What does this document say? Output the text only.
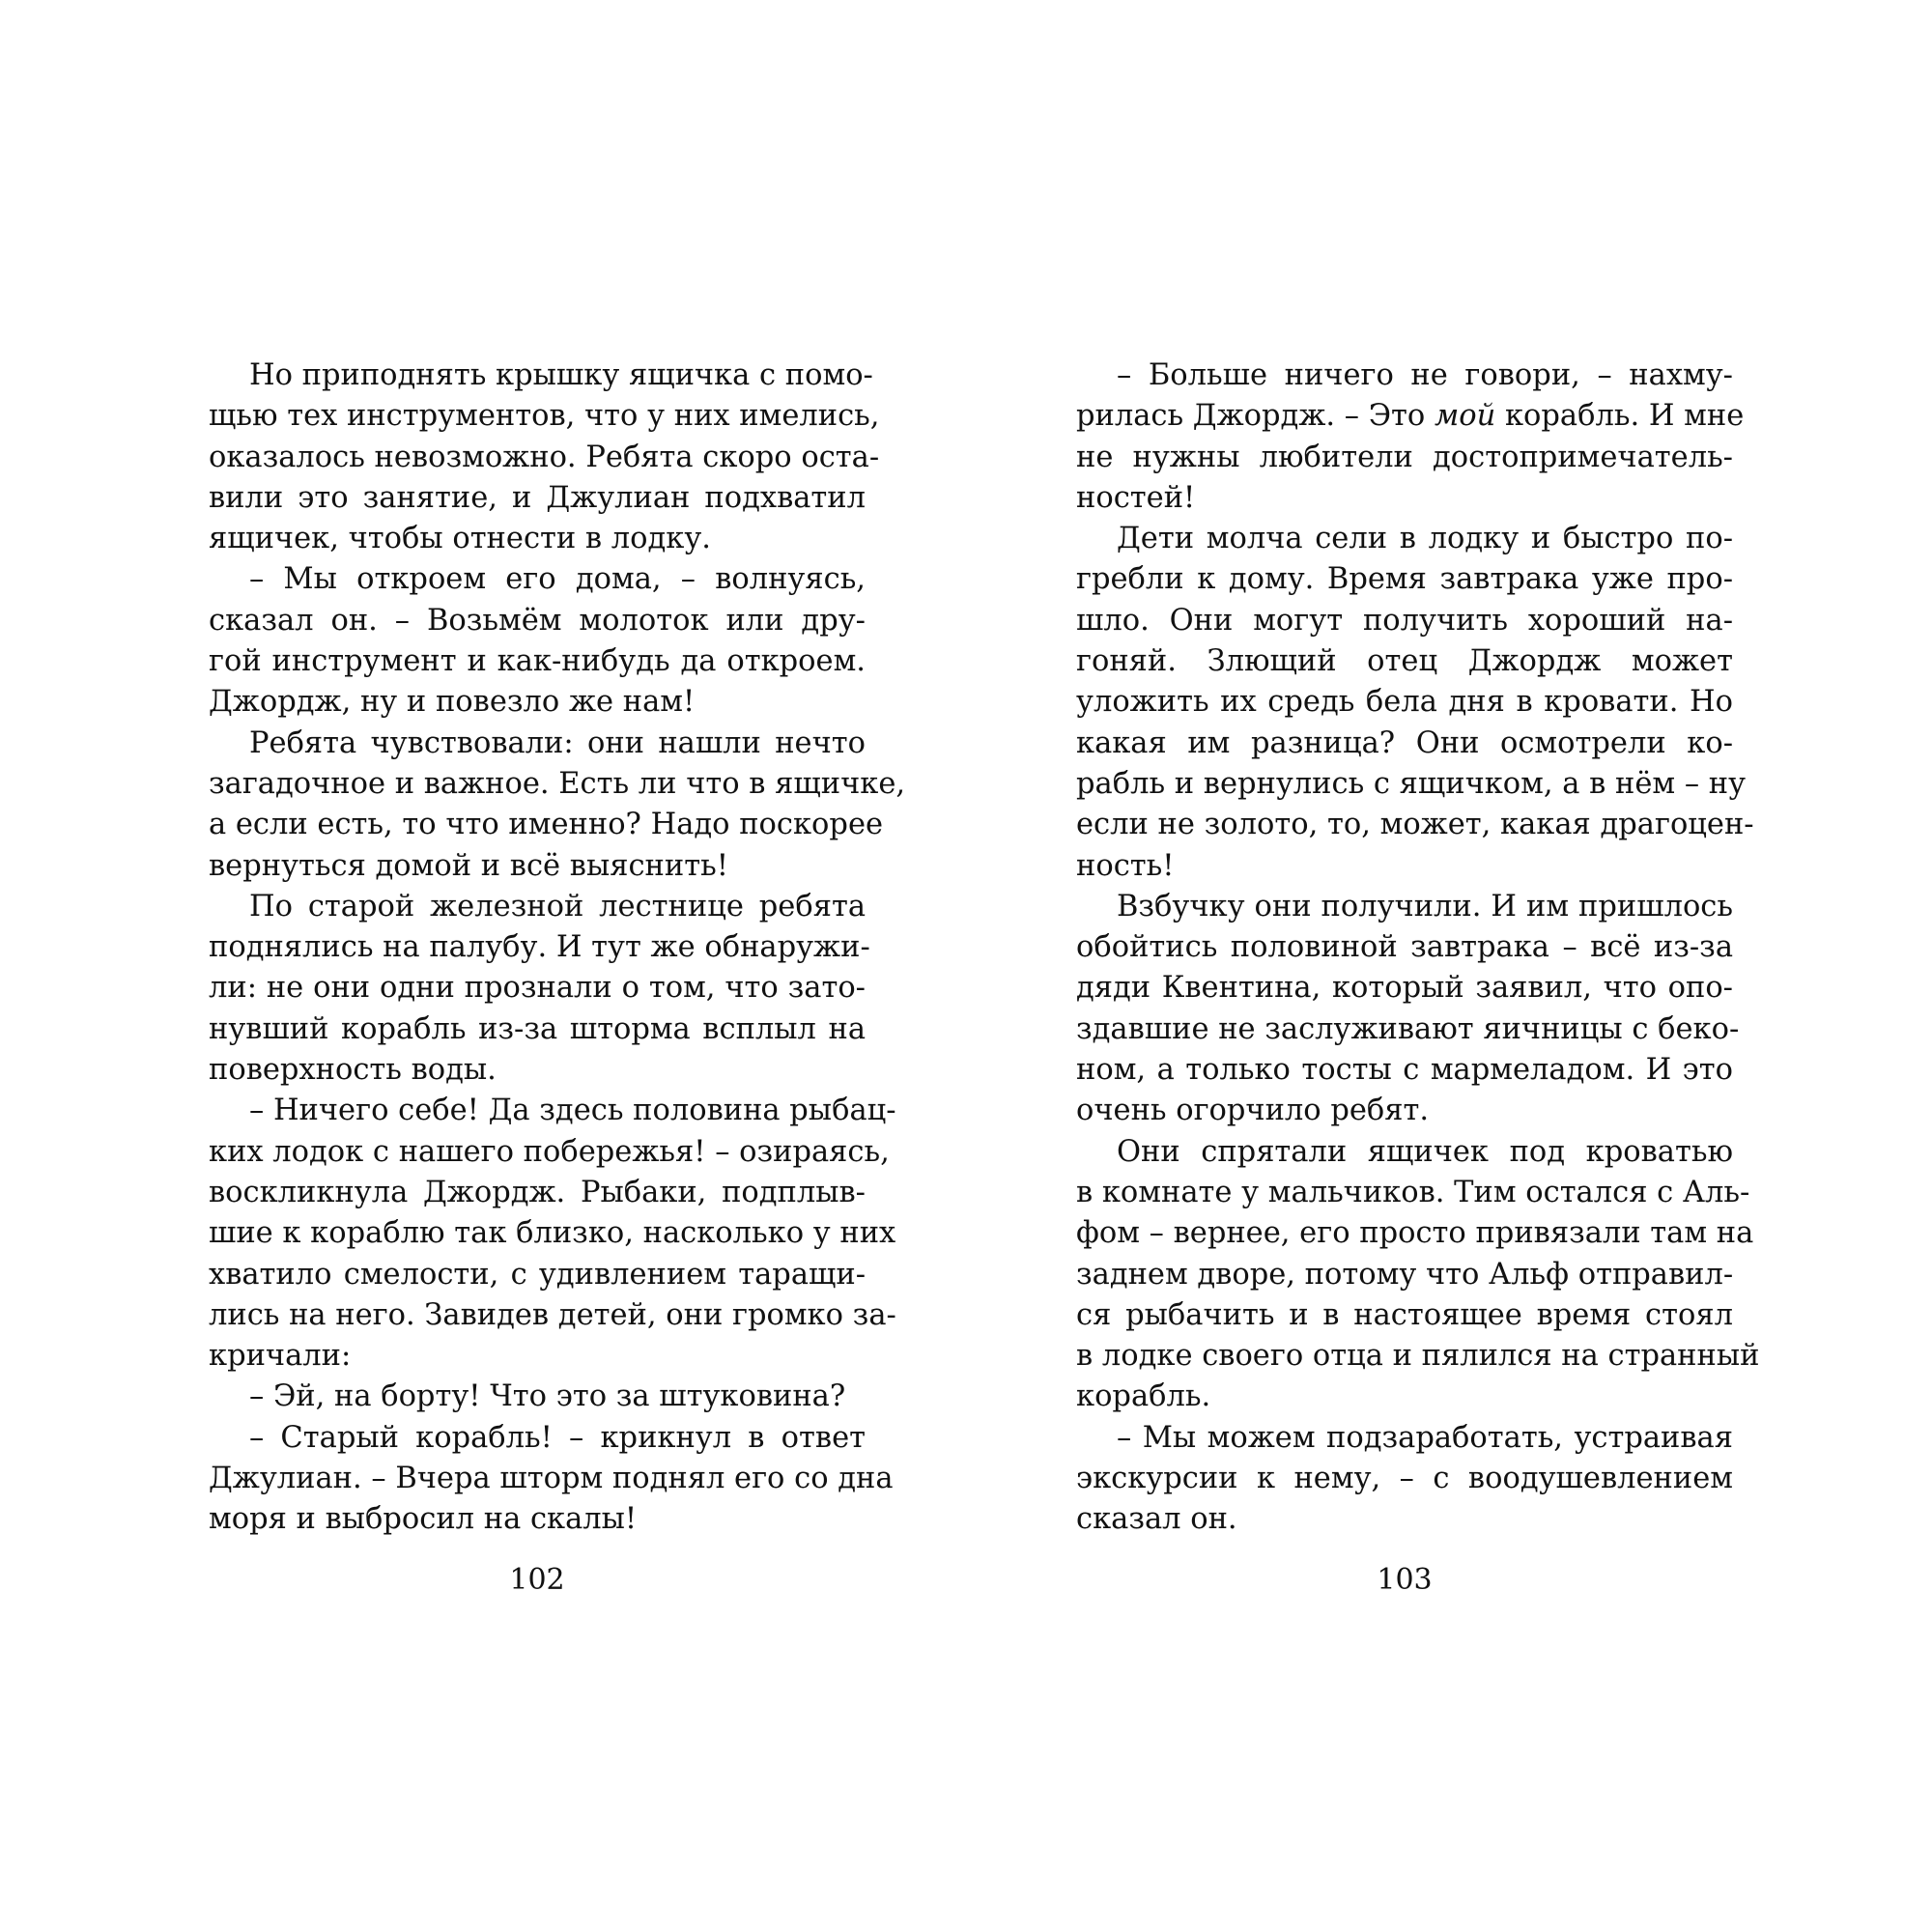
Но приподнять крышку ящичка с помо-
щью тех инструментов, что у них имелись,
оказалось невозможно. Ребята скоро оста-
вили это занятие, и Джулиан подхватил
ящичек, чтобы отнести в лодку.
– Мы откроем его дома, – волнуясь,
сказал он. – Возьмём молоток или дру-
гой инструмент и как-нибудь да откроем.
Джордж, ну и повезло же нам!
Ребята чувствовали: они нашли нечто
загадочное и важное. Есть ли что в ящичке,
а если есть, то что именно? Надо поскорее
вернуться домой и всё выяснить!
По старой железной лестнице ребята
поднялись на палубу. И тут же обнаружи-
ли: не они одни прознали о том, что зато-
нувший корабль из-за шторма всплыл на
поверхность воды.
– Ничего себе! Да здесь половина рыбац-
ких лодок с нашего побережья! – озираясь,
воскликнула Джордж. Рыбаки, подплыв-
шие к кораблю так близко, насколько у них
хватило смелости, с удивлением таращи-
лись на него. Завидев детей, они громко за-
кричали:
– Эй, на борту! Что это за штуковина?
– Старый корабль! – крикнул в ответ
Джулиан. – Вчера шторм поднял его со дна
моря и выбросил на скалы!
102
– Больше ничего не говори, – нахму-
рилась Джордж. – Это мой корабль. И мне
не нужны любители достопримечатель-
ностей!
Дети молча сели в лодку и быстро по-
гребли к дому. Время завтрака уже про-
шло. Они могут получить хороший на-
гоняй. Злющий отец Джордж может
уложить их средь бела дня в кровати. Но
какая им разница? Они осмотрели ко-
рабль и вернулись с ящичком, а в нём – ну
если не золото, то, может, какая драгоцен-
ность!
Взбучку они получили. И им пришлось
обойтись половиной завтрака – всё из-за
дяди Квентина, который заявил, что опо-
здавшие не заслуживают яичницы с беко-
ном, а только тосты с мармеладом. И это
очень огорчило ребят.
Они спрятали ящичек под кроватью
в комнате у мальчиков. Тим остался с Аль-
фом – вернее, его просто привязали там на
заднем дворе, потому что Альф отправил-
ся рыбачить и в настоящее время стоял
в лодке своего отца и пялился на странный
корабль.
– Мы можем подзаработать, устраивая
экскурсии к нему, – с воодушевлением
сказал он.
103
